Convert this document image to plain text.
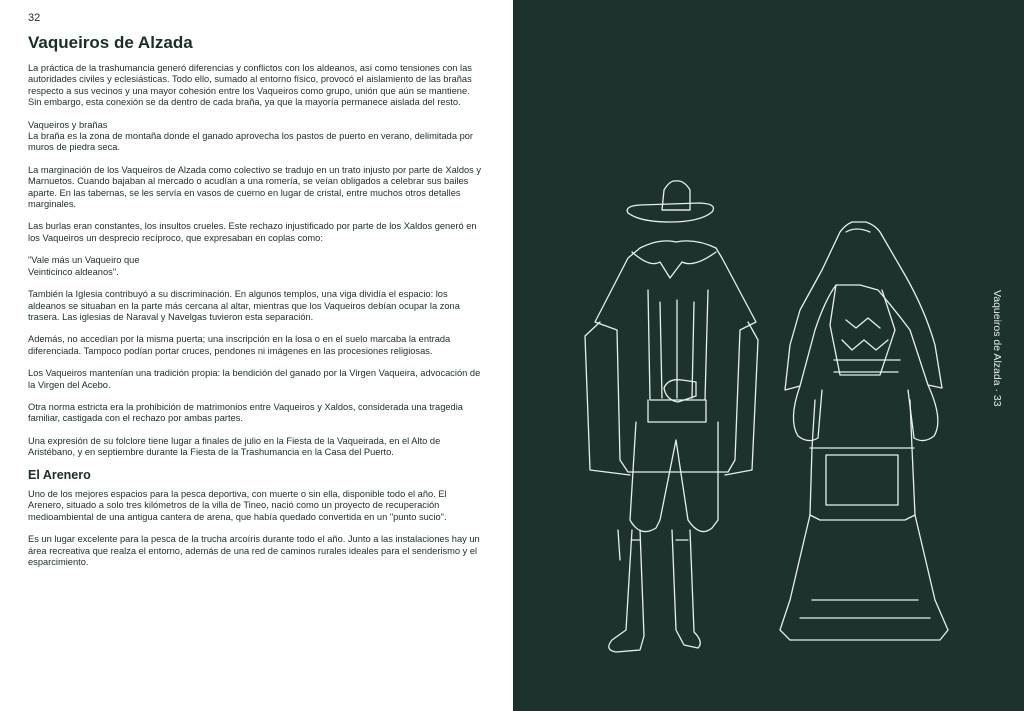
32
Vaqueiros de Alzada

La práctica de la trashumancia generó diferencias y conflictos con los aldeanos, así como tensiones con las autoridades civiles y eclesiásticas. Todo ello, sumado al entorno físico, provocó el aislamiento de las brañas respecto a sus vecinos y una mayor cohesión entre los Vaqueiros como grupo, unión que aún se mantiene. Sin embargo, esta conexión se da dentro de cada braña, ya que la mayoría permanece aislada del resto.

Vaqueiros y brañas
La braña es la zona de montaña donde el ganado aprovecha los pastos de puerto en verano, delimitada por muros de piedra seca.

La marginación de los Vaqueiros de Alzada como colectivo se tradujo en un trato injusto por parte de Xaldos y Marnuetos. Cuando bajaban al mercado o acudían a una romería, se veían obligados a celebrar sus bailes aparte. En las tabernas, se les servía en vasos de cuerno en lugar de cristal, entre muchos otros detalles marginales.

Las burlas eran constantes, los insultos crueles. Este rechazo injustificado por parte de los Xaldos generó en los Vaqueiros un desprecio recíproco, que expresaban en coplas como:

"Vale más un Vaqueiro que
Veinticinco aldeanos".

También la Iglesia contribuyó a su discriminación. En algunos templos, una viga dividía el espacio: los aldeanos se situaban en la parte más cercana al altar, mientras que los Vaqueiros debían ocupar la zona trasera. Las iglesias de Naraval y Navelgas tuvieron esta separación.

Además, no accedían por la misma puerta; una inscripción en la losa o en el suelo marcaba la entrada diferenciada. Tampoco podían portar cruces, pendones ni imágenes en las procesiones religiosas.

Los Vaqueiros mantenían una tradición propia: la bendición del ganado por la Virgen Vaqueira, advocación de la Virgen del Acebo.

Otra norma estricta era la prohibición de matrimonios entre Vaqueiros y Xaldos, considerada una tragedia familiar, castigada con el rechazo por ambas partes.

Una expresión de su folclore tiene lugar a finales de julio en la Fiesta de la Vaqueirada, en el Alto de Aristébano, y en septiembre durante la Fiesta de la Trashumancia en la Casa del Puerto.

El Arenero

Uno de los mejores espacios para la pesca deportiva, con muerte o sin ella, disponible todo el año. El Arenero, situado a solo tres kilómetros de la villa de Tineo, nació como un proyecto de recuperación medioambiental de una antigua cantera de arena, que había quedado convertida en un "punto sucio".

Es un lugar excelente para la pesca de la trucha arcoíris durante todo el año. Junto a las instalaciones hay un área recreativa que realza el entorno, además de una red de caminos rurales ideales para el senderismo y el esparcimiento.

Vaqueiros de Alzada · 33
